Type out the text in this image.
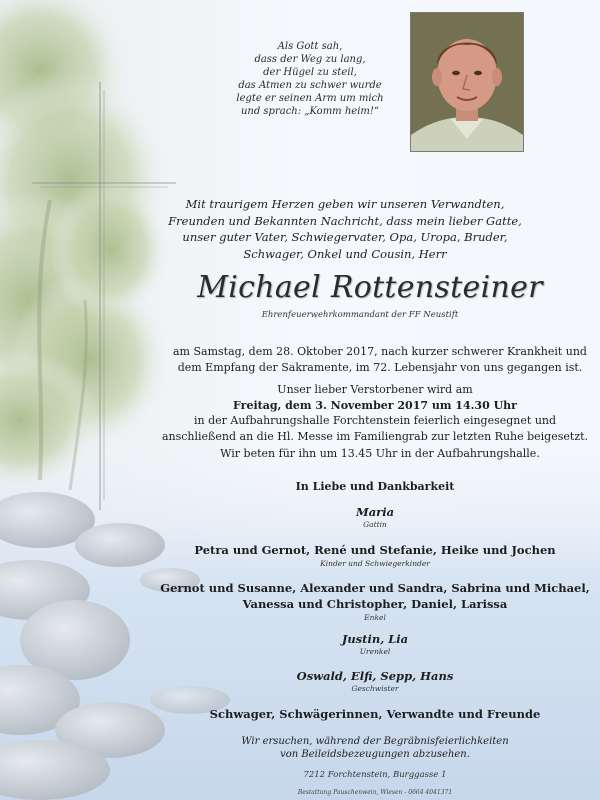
Als Gott sah,
dass der Weg zu lang,
der Hügel zu steil,
das Atmen zu schwer wurde
legte er seinen Arm um mich
und sprach: „Komm heim!“
Mit traurigem Herzen geben wir unseren Verwandten,
Freunden und Bekannten Nachricht, dass mein lieber Gatte,
unser guter Vater, Schwiegervater, Opa, Uropa, Bruder,
Schwager, Onkel und Cousin, Herr
Michael Rottensteiner
Ehrenfeuerwehrkommandant der FF Neustift
am Samstag, dem 28. Oktober 2017, nach kurzer schwerer Krankheit und
dem Empfang der Sakramente, im 72. Lebensjahr von uns gegangen ist.
Unser lieber Verstorbener wird am
Freitag, dem 3. November 2017 um 14.30 Uhr
in der Aufbahrungshalle Forchtenstein feierlich eingesegnet und
anschließend an die Hl. Messe im Familiengrab zur letzten Ruhe beigesetzt.
Wir beten für ihn um 13.45 Uhr in der Aufbahrungshalle.
In Liebe und Dankbarkeit
Maria
Gattin
Petra und Gernot, René und Stefanie, Heike und Jochen
Kinder und Schwiegerkinder
Gernot und Susanne, Alexander und Sandra, Sabrina und Michael,
Vanessa und Christopher, Daniel, Larissa
Enkel
Justin, Lia
Urenkel
Oswald, Elfi, Sepp, Hans
Geschwister
Schwager, Schwägerinnen, Verwandte und Freunde
Wir ersuchen, während der Begräbnisfeierlichkeiten
von Beileidsbezeugungen abzusehen.
7212 Forchtenstein, Burggasse 1
Bestattung Pauschenwein, Wiesen - 0664 4041371
